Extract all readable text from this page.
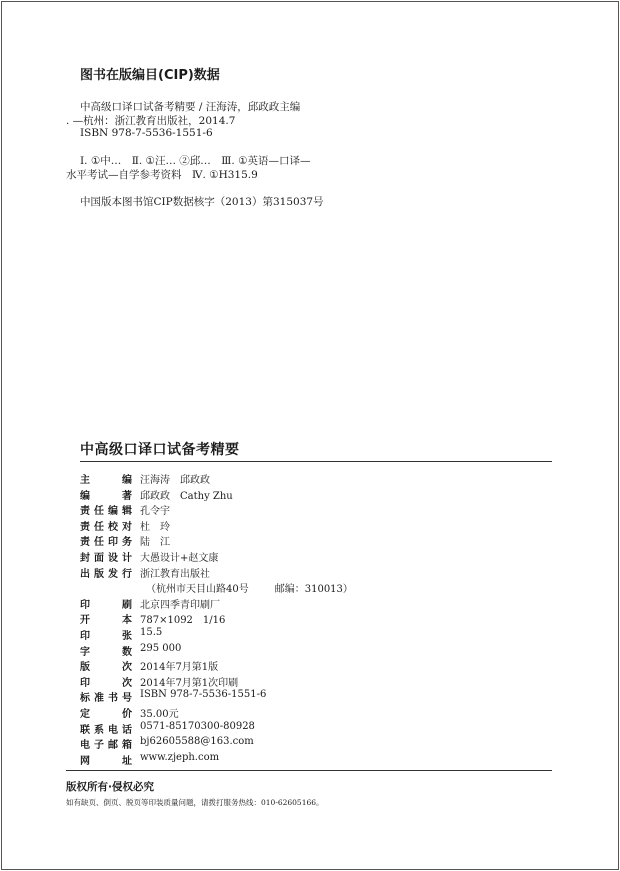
图书在版编目(CIP)数据
中高级口译口试备考精要 / 汪海涛，邱政政主编
. —杭州：浙江教育出版社，2014.7
ISBN 978-7-5536-1551-6
Ⅰ. ①中…　Ⅱ. ①汪… ②邱…　Ⅲ. ①英语—口译—
水平考试—自学参考资料　Ⅳ. ①H315.9
中国版本图书馆CIP数据核字（2013）第315037号
中高级口译口试备考精要
主编 汪海涛　邱政政
编著 邱政政　Cathy Zhu
责任编辑 孔令宇
责任校对 杜　玲
责任印务 陆　江
封面设计 大愚设计+赵文康
出版发行 浙江教育出版社
（杭州市天目山路40号	邮编：310013）
印刷 北京四季青印刷厂
开本 787×1092　1/16
印张 15.5
字数 295 000
版次 2014年7月第1版
印次 2014年7月第1次印刷
标准书号 ISBN 978-7-5536-1551-6
定价 35.00元
联系电话 0571-85170300-80928
电子邮箱 bj62605588@163.com
网址 www.zjeph.com
版权所有·侵权必究
如有缺页、倒页、脱页等印装质量问题，请拨打服务热线：010-62605166。
